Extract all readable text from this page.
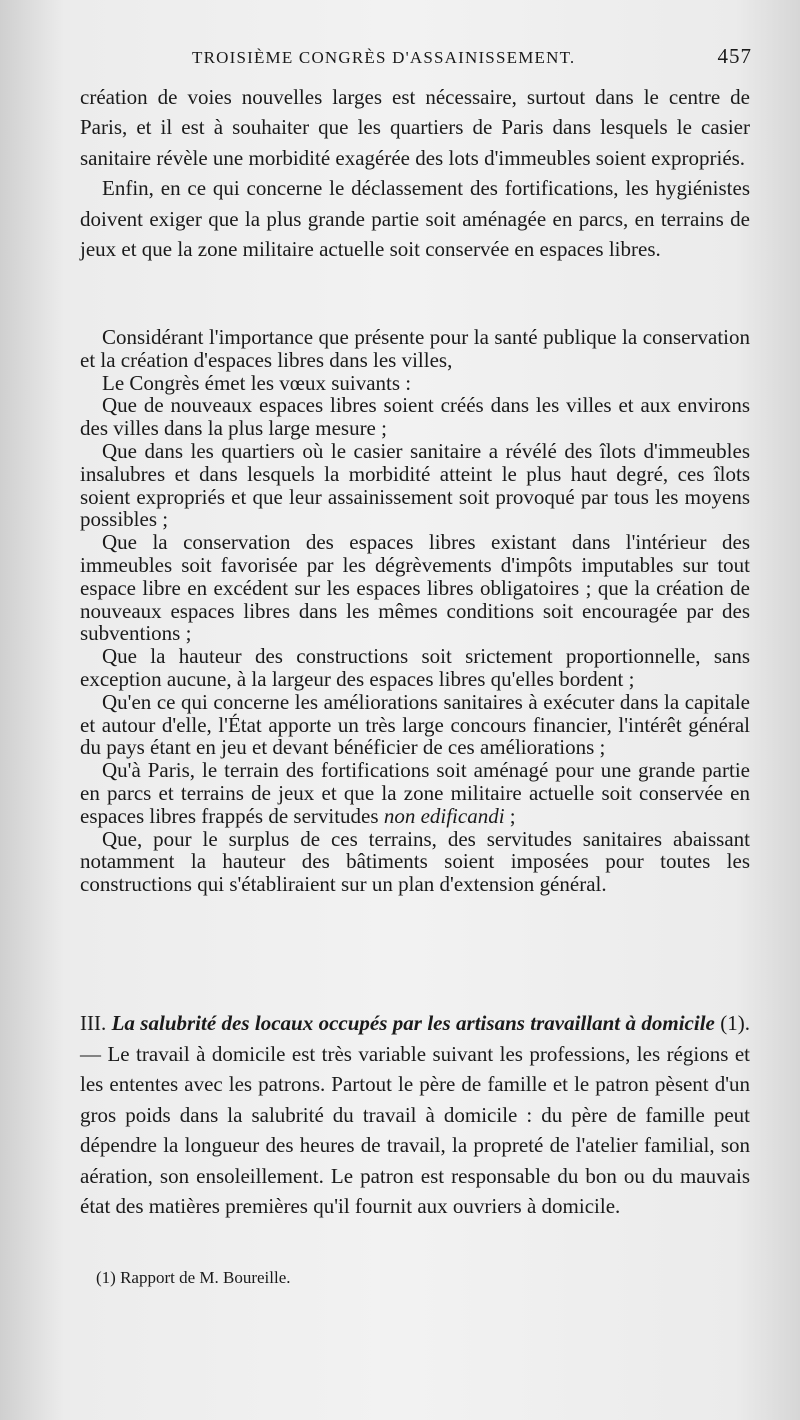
TROISIÈME CONGRÈS D'ASSAINISSEMENT.	457

création de voies nouvelles larges est nécessaire, surtout dans le centre de Paris, et il est à souhaiter que les quartiers de Paris dans lesquels le casier sanitaire révèle une morbidité exagérée des lots d'immeubles soient expropriés.

Enfin, en ce qui concerne le déclassement des fortifications, les hygiénistes doivent exiger que la plus grande partie soit aménagée en parcs, en terrains de jeux et que la zone militaire actuelle soit conservée en espaces libres.

Considérant l'importance que présente pour la santé publique la conservation et la création d'espaces libres dans les villes,

Le Congrès émet les vœux suivants :

Que de nouveaux espaces libres soient créés dans les villes et aux environs des villes dans la plus large mesure ;

Que dans les quartiers où le casier sanitaire a révélé des îlots d'immeubles insalubres et dans lesquels la morbidité atteint le plus haut degré, ces îlots soient expropriés et que leur assainissement soit provoqué par tous les moyens possibles ;

Que la conservation des espaces libres existant dans l'intérieur des immeubles soit favorisée par les dégrèvements d'impôts imputables sur tout espace libre en excédent sur les espaces libres obligatoires ; que la création de nouveaux espaces libres dans les mêmes conditions soit encouragée par des subventions ;

Que la hauteur des constructions soit srictement proportionnelle, sans exception aucune, à la largeur des espaces libres qu'elles bordent ;

Qu'en ce qui concerne les améliorations sanitaires à exécuter dans la capitale et autour d'elle, l'État apporte un très large concours financier, l'intérêt général du pays étant en jeu et devant bénéficier de ces améliorations ;

Qu'à Paris, le terrain des fortifications soit aménagé pour une grande partie en parcs et terrains de jeux et que la zone militaire actuelle soit conservée en espaces libres frappés de servitudes non edificandi ;

Que, pour le surplus de ces terrains, des servitudes sanitaires abaissant notamment la hauteur des bâtiments soient imposées pour toutes les constructions qui s'établiraient sur un plan d'extension général.

III. La salubrité des locaux occupés par les artisans travaillant à domicile (1). — Le travail à domicile est très variable suivant les professions, les régions et les ententes avec les patrons. Partout le père de famille et le patron pèsent d'un gros poids dans la salubrité du travail à domicile : du père de famille peut dépendre la longueur des heures de travail, la propreté de l'atelier familial, son aération, son ensoleillement. Le patron est responsable du bon ou du mauvais état des matières premières qu'il fournit aux ouvriers à domicile.

(1) Rapport de M. Boureille.
